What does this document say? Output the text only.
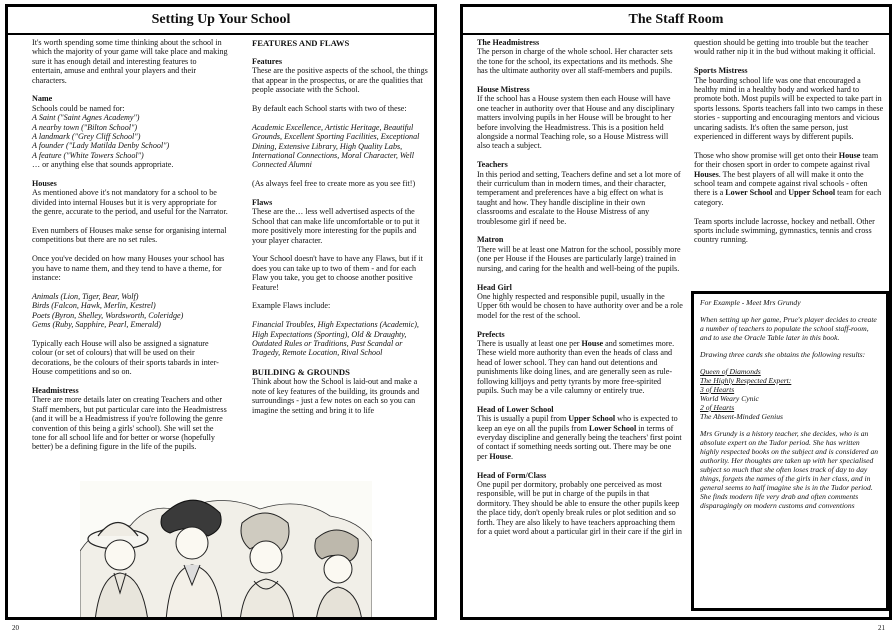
Setting Up Your School

It's worth spending some time thinking about the school in which the majority of your game will take place and making sure it has enough detail and interesting features to entertain, amuse and enthral your players and their characters.

Name
Schools could be named for:
A Saint ("Saint Agnes Academy")
A nearby town ("Bilton School")
A landmark ("Grey Cliff School")
A founder ("Lady Matilda Denby School")
A feature ("White Towers School")
… or anything else that sounds appropriate.
Houses

As mentioned above it's not mandatory for a school to be divided into internal Houses but it is very appropriate for the genre, accurate to the period, and useful for the Narrator.

Even numbers of Houses make sense for organising internal competitions but there are no set rules.

Once you've decided on how many Houses your school has you have to name them, and they tend to have a theme, for instance:

Animals (Lion, Tiger, Bear, Wolf)
Birds (Falcon, Hawk, Merlin, Kestrel)
Poets (Byron, Shelley, Wordsworth, Coleridge)
Gems (Ruby, Sapphire, Pearl, Emerald)

Typically each House will also be assigned a signature colour (or set of colours) that will be used on their decorations, be the colours of their sports tabards in inter-House competitions and so on.

Headmistress

There are more details later on creating Teachers and other Staff members, but put particular care into the Headmistress (and it will be a Headmistress if you're following the genre convention of this being a girls' school). She will set the tone for all school life and for better or worse (hopefully better) be a defining figure in the life of the pupils.

FEATURES AND FLAWS
Features

These are the positive aspects of the school, the things that appear in the prospectus, or are the qualities that people associate with the School.

By default each School starts with two of these:

Academic Excellence, Artistic Heritage, Beautiful Grounds, Excellent Sporting Facilities, Exceptional Dining, Extensive Library, High Quality Labs, International Connections, Moral Character, Well Connected Alumni

(As always feel free to create more as you see fit!)

Flaws

These are the… less well advertised aspects of the School that can make life uncomfortable or to put it more positively more interesting for the pupils and your player character.

Your School doesn't have to have any Flaws, but if it does you can take up to two of them - and for each Flaw you take, you get to choose another positive Feature!

Example Flaws include:

Financial Troubles, High Expectations (Academic), High Expectations (Sporting), Old & Draughty, Outdated Rules or Traditions, Past Scandal or Tragedy, Remote Location, Rival School

BUILDING & GROUNDS

Think about how the School is laid-out and make a note of key features of the building, its grounds and surroundings - just a few notes on each so you can imagine the setting and bring it to life

20
The Staff Room
The Headmistress

The person in charge of the whole school. Her character sets the tone for the school, its expectations and its methods. She has the ultimate authority over all staff-members and pupils.

House Mistress

If the school has a House system then each House will have one teacher in authority over that House and any disciplinary matters involving pupils in her House will be brought to her before involving the Headmistress. This is a position held alongside a normal Teaching role, so a House Mistress will also teach a subject.

Teachers

In this period and setting, Teachers define and set a lot more of their curriculum than in modern times, and their character, temperament and preferences have a big effect on what is taught and how. They handle discipline in their own classrooms and escalate to the House Mistress of any troublesome girl if need be.

Matron

There will be at least one Matron for the school, possibly more (one per House if the Houses are particularly large) trained in nursing, and caring for the health and well-being of the pupils.

Head Girl

One highly respected and responsible pupil, usually in the Upper 6th would be chosen to have authority over and be a role model for the rest of the school.

Prefects

There is usually at least one per House and sometimes more. These wield more authority than even the heads of class and head of lower school. They can hand out detentions and punishments like doing lines, and are generally seen as rule-following killjoys and petty tyrants by more free-spirited pupils. Such may be a vile calumny or entirely true.

Head of Lower School

This is usually a pupil from Upper School who is expected to keep an eye on all the pupils from Lower School in terms of everyday discipline and generally being the teachers' first point of contact if something needs sorting out. There may be one per House.

Head of Form/Class

One pupil per dormitory, probably one perceived as most responsible, will be put in charge of the pupils in that dormitory. They should be able to ensure the other pupils keep the place tidy, don't openly break rules or plot sedition and so forth. They are also likely to have teachers approaching them for a quiet word about a particular girl in their care if the girl in

question should be getting into trouble but the teacher would rather nip it in the bud without making it official.

Sports Mistress

The boarding school life was one that encouraged a healthy mind in a healthy body and worked hard to promote both. Most pupils will be expected to take part in sports lessons. Sports teachers fall into two camps in these stories - supporting and encouraging mentors and vicious uncaring sadists. It's often the same person, just experienced in different ways by different pupils.

Those who show promise will get onto their House team for their chosen sport in order to compete against rival Houses. The best players of all will make it onto the school team and compete against rival schools - often there is a Lower School and Upper School team for each category.

Team sports include lacrosse, hockey and netball. Other sports include swimming, gymnastics, tennis and cross country running.

For Example - Meet Mrs Grundy

When setting up her game, Prue's player decides to create a number of teachers to populate the school staff-room, and to use the Oracle Table later in this book.

Drawing three cards she obtains the following results:

Queen of Diamonds
The Highly Respected Expert:
3 of Hearts
World Weary Cynic
2 of Hearts
The Absent-Minded Genius

Mrs Grundy is a history teacher, she decides, who is an absolute expert on the Tudor period. She has written highly respected books on the subject and is considered an authority. Her thoughts are taken up with her specialised subject so much that she often loses track of day to day things, forgets the names of the girls in her class, and in general seems to half imagine she is in the Tudor period. She finds modern life very drab and often comments disparagingly on modern customs and conventions

21
